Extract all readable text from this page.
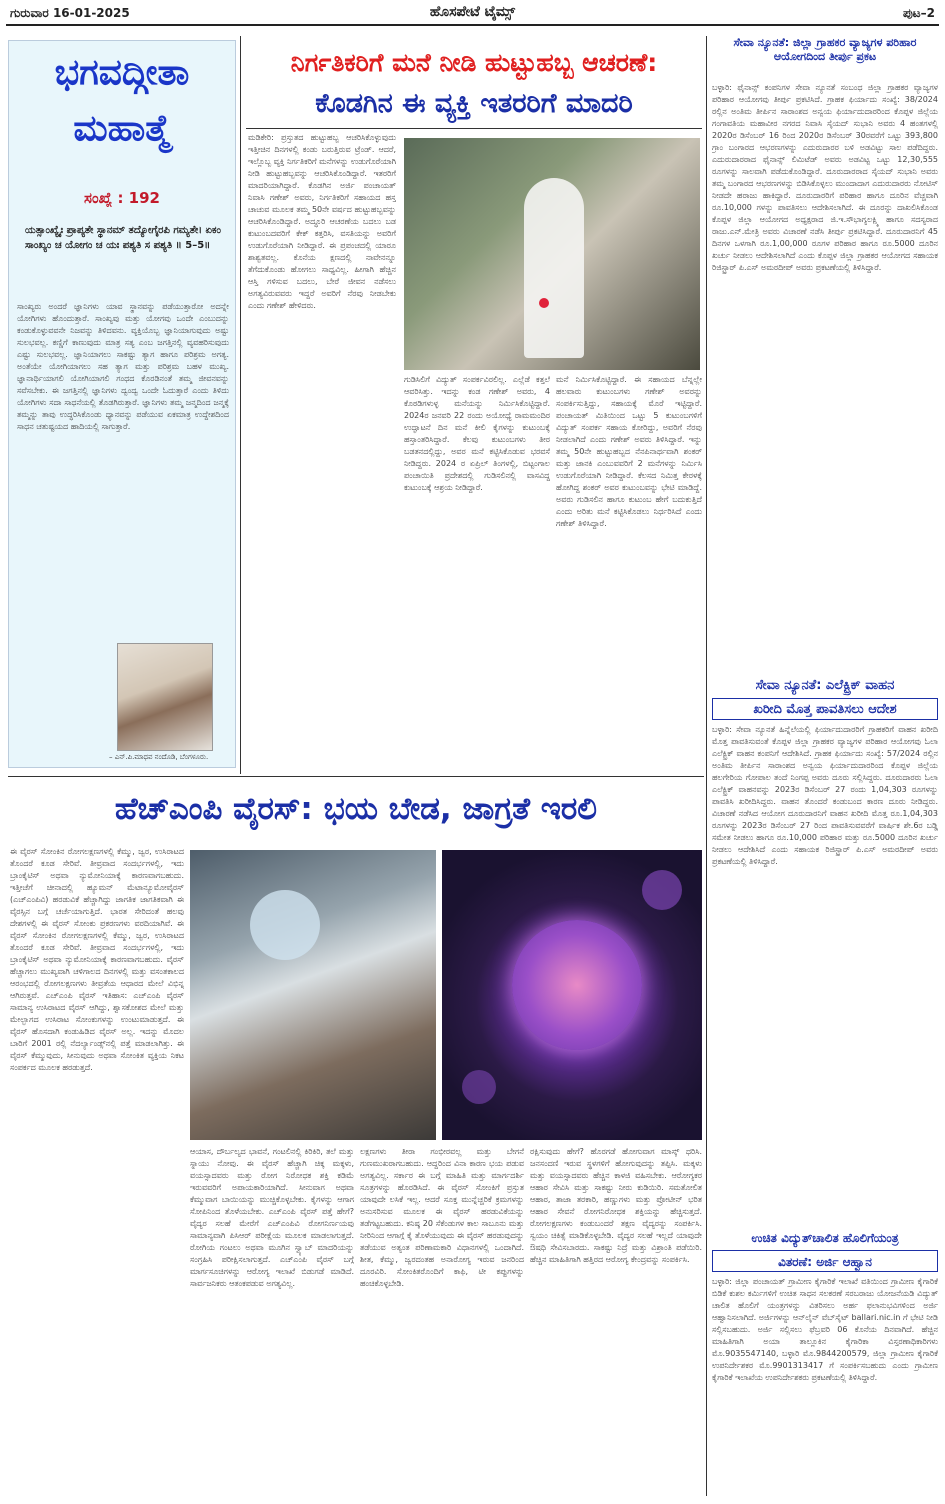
ಗುರುವಾರ 16-01-2025	ಹೊಸಪೇಟೆ ಟೈಮ್ಸ್	ಪುಟ–2
ಭಗವದ್ಗೀತಾ ಮಹಾತ್ಮೆ
ಸಂಖ್ಯೆ : 192
ಯತ್ಸಾಂಖ್ಯೈಃ ಪ್ರಾಪ್ಯತೇ ಸ್ಥಾನಮ್ ತದ್ಯೋಗೈರಪಿ ಗಮ್ಯತೇ। ಏಕಂ ಸಾಂಖ್ಯಂ ಚ ಯೋಗಂ ಚ ಯಃ ಪಶ್ಯತಿ ಸ ಪಶ್ಯತಿ ॥ 5–5॥
ಸಾಂಖ್ಯರು ಅಂದರೆ ಜ್ಞಾನಿಗಳು ಯಾವ ಸ್ಥಾನವನ್ನು ಪಡೆಯುತ್ತಾರೋ ಅದನ್ನೇ ಯೋಗಿಗಳು ಹೊಂದುತ್ತಾರೆ. ಸಾಂಖ್ಯವು ಮತ್ತು ಯೋಗವು ಒಂದೇ ಎಂಬುದನ್ನು ಕಂಡುಕೊಳ್ಳುವವನೇ ನಿಜವನ್ನು ತಿಳಿದವನು. ವ್ಯಕ್ತಿಯೊಬ್ಬ ಜ್ಞಾನಿಯಾಗುವುದು ಅಷ್ಟು ಸುಲಭವಲ್ಲ. ಕಣ್ಣಿಗೆ ಕಾಣುವುದು ಮಾತ್ರ ಸತ್ಯ ಎಂಬ ಜಗತ್ತಿನಲ್ಲಿ ವ್ಯವಹರಿಸುವುದು ಎಷ್ಟು ಸುಲಭವಲ್ಲ. ಜ್ಞಾನಿಯಾಗಲು ಸಾಕಷ್ಟು ತ್ಯಾಗ ಹಾಗೂ ಪರಿಶ್ರಮ ಅಗತ್ಯ. ಅಂತೆಯೇ ಯೋಗಿಯಾಗಲು ಸಹ ತ್ಯಾಗ ಮತ್ತು ಪರಿಶ್ರಮ ಬಹಳ ಮುಖ್ಯ. ಜ್ಞಾನಾರ್ಥಿಯಾಗಲಿ ಯೋಗಿಯಾಗಲಿ ಗಂಧದ ಕೊರಡಿನಂತೆ ತಮ್ಮ ಜೀವನವನ್ನು ಸವೆಸಬೇಕು. ಈ ಜಗತ್ತಿನಲ್ಲಿ ಜ್ಞಾನಿಗಳು ದ್ವಂದ್ವ ಒಂದೇ ಓದುತ್ತಾರೆ ಎಂದು ತಿಳಿದು ಯೋಗಿಗಳು ಸದಾ ಸಾಧನೆಯಲ್ಲಿ ತೊಡಗಿರುತ್ತಾರೆ. ಜ್ಞಾನಿಗಳು ತಮ್ಮ ಜನ್ಮದಿಂದ ಜನ್ಮಕ್ಕೆ ತಮ್ಮನ್ನು ತಾವು ಉದ್ಧರಿಸಿಕೊಂಡು ಧ್ಯಾನವನ್ನು ಪಡೆಯುವ ಏಕಮಾತ್ರ ಉದ್ದೇಶದಿಂದ ಸಾಧನ ಚತುಷ್ಟಯದ ಹಾದಿಯಲ್ಲಿ ಸಾಗುತ್ತಾರೆ.
– ಎನ್.ಪಿ.ಮಾಧವ ನಂದೊಡಿ, ಬೆಂಗಳೂರು.
ನಿರ್ಗತಿಕರಿಗೆ ಮನೆ ನೀಡಿ ಹುಟ್ಟುಹಬ್ಬ ಆಚರಣೆ:
ಕೊಡಗಿನ ಈ ವ್ಯಕ್ತಿ ಇತರರಿಗೆ ಮಾದರಿ
ಮಡಿಕೇರಿ: ಪ್ರಸ್ತುತದ ಹುಟ್ಟುಹಬ್ಬ ಆಚರಿಸಿಕೊಳ್ಳುವುದು ಇತ್ತೀಚಿನ ದಿನಗಳಲ್ಲಿ ಕಂಡು ಬರುತ್ತಿರುವ ಟ್ರೆಂಡ್. ಆದರೆ, ಇಲ್ಲೊಬ್ಬ ವ್ಯಕ್ತಿ ನಿರ್ಗತಿಕರಿಗೆ ಮನೆಗಳನ್ನು ಉಡುಗೊರೆಯಾಗಿ ನೀಡಿ ಹುಟ್ಟುಹಬ್ಬವನ್ನು ಆಚರಿಸಿಕೊಂಡಿದ್ದಾರೆ. ಇತರರಿಗೆ ಮಾದರಿಯಾಗಿದ್ದಾರೆ. ಕೊಡಗಿನ ಅರ್ಜಿ ಪಂಚಾಯತ್ ನಿವಾಸಿ ಗಣೇಶ್ ಅವರು, ನಿರ್ಗತಿಕರಿಗೆ ಸಹಾಯದ ಹಸ್ತ ಚಾಚುವ ಮೂಲಕ ತಮ್ಮ 50ನೇ ವರ್ಷದ ಹುಟ್ಟುಹಬ್ಬವನ್ನು ಆಚರಿಸಿಕೊಂಡಿದ್ದಾರೆ. ಅದ್ಧೂರಿ ಆಚರಣೆಯ ಬದಲು ಬಡ ಕುಟುಂಬದವರಿಗೆ ಕೇಕ್ ಕತ್ತರಿಸಿ, ವಸತಿಯನ್ನು ಅವರಿಗೆ ಉಡುಗೊರೆಯಾಗಿ ನೀಡಿದ್ದಾರೆ. ಈ ಪ್ರಪಂಚದಲ್ಲಿ ಯಾರೂ ಶಾಶ್ವತವಲ್ಲ. ಕೊನೆಯ ಕ್ಷಣದಲ್ಲಿ ನಾವೇನನ್ನೂ ತೆಗೆದುಕೊಂಡು ಹೋಗಲು ಸಾಧ್ಯವಿಲ್ಲ. ಹೀಗಾಗಿ ಹೆಚ್ಚಿನ ಆಸ್ತಿ ಗಳಿಸುವ ಬದಲು, ಬೇರೆ ಜೀವನ ನಡೆಸಲು ಅಗತ್ಯವಿರುವವರು ಇದ್ದರೆ ಅವರಿಗೆ ನೆರವು ನೀಡಬೇಕು ಎಂದು ಗಣೇಶ್ ಹೇಳಿದರು.
ಗುಡಿಸಿಲಿಗೆ ವಿದ್ಯುತ್ ಸಂಪರ್ಕವಿರಲಿಲ್ಲ. ಎಲ್ಲೆಡೆ ಕತ್ತಲೆ ಆವರಿಸಿತ್ತು. ಇದನ್ನು ಕಂಡ ಗಣೇಶ್ ಅವರು, 4 ಕೊಠಡಿಗಳುಳ್ಳ ಮನೆಯನ್ನು ನಿರ್ಮಿಸಿಕೊಟ್ಟಿದ್ದಾರೆ. 2024ರ ಜನವರಿ 22 ರಂದು ಅಯೋಧ್ಯೆ ರಾಮಮಂದಿರ ಉದ್ಘಾಟನೆ ದಿನ ಮನೆ ಕೀಲಿ ಕೈಗಳನ್ನು ಕುಟುಂಬಕ್ಕೆ ಹಸ್ತಾಂತರಿಸಿದ್ದಾರೆ. ಕೆಲವು ಕುಟುಂಬಗಳು ತೀರ ಬಡತನದಲ್ಲಿದ್ದು, ಅವರ ಮನೆ ಕಟ್ಟಿಸಿಕೊಡುವ ಭರವಸೆ ನೀಡಿದ್ದರು. 2024 ರ ಏಪ್ರಿಲ್ ತಿಂಗಳಲ್ಲಿ, ಬಿಟ್ಟಂಗಾಲ ಪಂಚಾಯಿತಿ ಪ್ರದೇಶದಲ್ಲಿ ಗುಡಿಸಲಿನಲ್ಲಿ ವಾಸವಿದ್ದ ಕುಟುಂಬಕ್ಕೆ ಆಶ್ರಯ ನೀಡಿದ್ದಾರೆ.
ಮನೆ ನಿರ್ಮಿಸಿಕೊಟ್ಟಿದ್ದಾರೆ. ಈ ಸಹಾಯದ ಬೆನ್ನಲ್ಲೇ ಹಲವಾರು ಕುಟುಂಬಗಳು ಗಣೇಶ್ ಅವರನ್ನು ಸಂಪರ್ಕಿಸುತ್ತಿದ್ದು, ಸಹಾಯಕ್ಕೆ ಮೊರೆ ಇಟ್ಟಿದ್ದಾರೆ. ಪಂಚಾಯತ್ ಮಿತಿಯಿಂದ ಒಟ್ಟು 5 ಕುಟುಂಬಗಳಿಗೆ ವಿದ್ಯುತ್ ಸಂಪರ್ಕ ಸಹಾಯ ಕೋರಿದ್ದು, ಅವರಿಗೆ ನೆರವು ನೀಡಲಾಗಿದೆ ಎಂದು ಗಣೇಶ್ ಅವರು ತಿಳಿಸಿದ್ದಾರೆ. ಇನ್ನು ತಮ್ಮ 50ನೇ ಹುಟ್ಟುಹಬ್ಬದ ನೆನಪಿನಾರ್ಥವಾಗಿ ಶಂಕರ್ ಮತ್ತು ಜಾನಕಿ ಎಂಬುವವರಿಗೆ 2 ಮನೆಗಳನ್ನು ನಿರ್ಮಿಸಿ ಉಡುಗೊರೆಯಾಗಿ ನೀಡಿದ್ದಾರೆ. ಕೆಲಸದ ನಿಮಿತ್ತ ಕೇರಳಕ್ಕೆ ಹೋಗಿದ್ದ ಶಂಕರ್ ಅವರ ಕುಟುಂಬವನ್ನು ಭೇಟಿ ಮಾಡಿದ್ದೆ. ಅವರು ಗುಡಿಸಲಿನ ಹಾಗೂ ಕುಟುಂಬ ಹೇಗೆ ಬದುಕುತ್ತಿದೆ ಎಂದು ಅರಿತು ಮನೆ ಕಟ್ಟಿಸಿಕೊಡಲು ನಿರ್ಧರಿಸಿದೆ ಎಂದು ಗಣೇಶ್ ತಿಳಿಸಿದ್ದಾರೆ.
ಸೇವಾ ನ್ಯೂನತೆ: ಜಿಲ್ಲಾ ಗ್ರಾಹಕರ ವ್ಯಾಜ್ಯಗಳ ಪರಿಹಾರ ಆಯೋಗದಿಂದ ತೀರ್ಪು ಪ್ರಕಟ
ಬಳ್ಳಾರಿ: ಫೈನಾನ್ಸ್ ಕಂಪನಿಗಳ ಸೇವಾ ನ್ಯೂನತೆ ಸಂಬಂಧ ಜಿಲ್ಲಾ ಗ್ರಾಹಕರ ವ್ಯಾಜ್ಯಗಳ ಪರಿಹಾರ ಆಯೋಗವು ತೀರ್ಪು ಪ್ರಕಟಿಸಿದೆ. ಗ್ರಾಹಕ ಫಿರ್ಯಾದು ಸಂಖ್ಯೆ: 38/2024 ರಲ್ಲಿನ ಅಂತಿಮ ತೀರ್ಪಿನ ಸಾರಾಂಶದ ಅನ್ವಯ ಫಿರ್ಯಾದುದಾರರಿಂದ ಕೊಪ್ಪಳ ಜಿಲ್ಲೆಯ ಗಂಗಾವತಿಯ ಮಹಾವೀರ ನಗರದ ನಿವಾಸಿ ಸೈಯದ್ ಸುಭಾನಿ ಅವರು 4 ಹಂತಗಳಲ್ಲಿ 2020ರ ಡಿಸೆಂಬರ್ 16 ರಿಂದ 2020ರ ಡಿಸೆಂಬರ್ 30ರವರೆಗೆ ಒಟ್ಟು 393,800 ಗ್ರಾಂ ಬಂಗಾರದ ಆಭರಣಗಳನ್ನು ಎದುರುದಾರರ ಬಳಿ ಅಡವಿಟ್ಟು ಸಾಲ ಪಡೆದಿದ್ದರು. ಎದುರುದಾರರಾದ ಫೈನಾನ್ಸ್ ಲಿಮಿಟೆಡ್ ಅವರು ಅಡವಿಟ್ಟ ಒಟ್ಟು 12,30,555 ರೂಗಳನ್ನು ಸಾಲವಾಗಿ ಪಡೆದುಕೊಂಡಿದ್ದಾರೆ. ದೂರುದಾರರಾದ ಸೈಯದ್ ಸುಭಾನಿ ಅವರು ತಮ್ಮ ಬಂಗಾರದ ಆಭರಣಗಳನ್ನು ಬಿಡಿಸಿಕೊಳ್ಳಲು ಮುಂದಾದಾಗ ಎದುರುದಾರರು ನೋಟಿಸ್ ನೀಡದೇ ಹರಾಜು ಹಾಕಿದ್ದಾರೆ. ದೂರುದಾರರಿಗೆ ಪರಿಹಾರ ಹಾಗೂ ದೂರಿನ ವೆಚ್ಚವಾಗಿ ರೂ.10,000 ಗಳನ್ನು ಪಾವತಿಸಲು ಆದೇಶಿಸಲಾಗಿದೆ. ಈ ದೂರನ್ನು ದಾಖಲಿಸಿಕೊಂಡ ಕೊಪ್ಪಳ ಜಿಲ್ಲಾ ಆಯೋಗದ ಅಧ್ಯಕ್ಷರಾದ ಜಿ.ಇ.ಸೌಭಾಗ್ಯಲಕ್ಷ್ಮಿ ಹಾಗೂ ಸದಸ್ಯರಾದ ರಾಜು.ಎನ್.ಮೇತ್ರಿ ಅವರು ವಿಚಾರಣೆ ನಡೆಸಿ ತೀರ್ಪು ಪ್ರಕಟಿಸಿದ್ದಾರೆ. ದೂರುದಾರನಿಗೆ 45 ದಿನಗಳ ಒಳಗಾಗಿ ರೂ.1,00,000 ರೂಗಳ ಪರಿಹಾರ ಹಾಗೂ ರೂ.5000 ದೂರಿನ ಖರ್ಚು ನೀಡಲು ಆದೇಶಿಸಲಾಗಿದೆ ಎಂದು ಕೊಪ್ಪಳ ಜಿಲ್ಲಾ ಗ್ರಾಹಕರ ಆಯೋಗದ ಸಹಾಯಕ ರಿಜಿಸ್ಟ್ರಾರ್ ಪಿ.ಎಸ್ ಅಮರದೀಪ್ ಅವರು ಪ್ರಕಟಣೆಯಲ್ಲಿ ತಿಳಿಸಿದ್ದಾರೆ.
ಸೇವಾ ನ್ಯೂನತೆ: ಎಲೆಕ್ಟ್ರಿಕ್ ವಾಹನ
ಖರೀದಿ ಮೊತ್ತ ಪಾವತಿಸಲು ಆದೇಶ
ಬಳ್ಳಾರಿ: ಸೇವಾ ನ್ಯೂನತೆ ಹಿನ್ನೆಲೆಯಲ್ಲಿ ಫಿರ್ಯಾದುದಾರರಿಗೆ ಗ್ರಾಹಕರಿಗೆ ವಾಹನ ಖರೀದಿ ಮೊತ್ತ ಪಾವತಿಸುವಂತೆ ಕೊಪ್ಪಳ ಜಿಲ್ಲಾ ಗ್ರಾಹಕರ ವ್ಯಾಜ್ಯಗಳ ಪರಿಹಾರ ಆಯೋಗವು ಓಲಾ ಎಲೆಕ್ಟ್ರಿಕ್ ವಾಹನ ಕಂಪನಿಗೆ ಆದೇಶಿಸಿದೆ. ಗ್ರಾಹಕ ಫಿರ್ಯಾದು ಸಂಖ್ಯೆ: 57/2024 ರಲ್ಲಿನ ಅಂತಿಮ ತೀರ್ಪಿನ ಸಾರಾಂಶದ ಅನ್ವಯ ಫಿರ್ಯಾದುದಾರರಿಂದ ಕೊಪ್ಪಳ ಜಿಲ್ಲೆಯ ಹಲಗೇರಿಯ ಗೋಪಾಲ ತಂದೆ ನಿಂಗಪ್ಪ ಅವರು ದೂರು ಸಲ್ಲಿಸಿದ್ದರು. ದೂರುದಾರರು ಓಲಾ ಎಲೆಕ್ಟ್ರಿಕ್ ವಾಹನವನ್ನು 2023ರ ಡಿಸೆಂಬರ್ 27 ರಂದು 1,04,303 ರೂಗಳನ್ನು ಪಾವತಿಸಿ ಖರೀದಿಸಿದ್ದರು. ವಾಹನ ತೊಂದರೆ ಕಂಡುಬಂದ ಕಾರಣ ದೂರು ನೀಡಿದ್ದರು. ವಿಚಾರಣೆ ನಡೆಸಿದ ಆಯೋಗ ದೂರುದಾರನಿಗೆ ವಾಹನ ಖರೀದಿ ಮೊತ್ತ ರೂ.1,04,303 ರೂಗಳನ್ನು 2023ರ ಡಿಸೆಂಬರ್ 27 ರಿಂದ ಪಾವತಿಸುವವರೆಗೆ ವಾರ್ಷಿಕ ಶೇ.6ರ ಬಡ್ಡಿ ಸಮೇತ ನೀಡಲು ಹಾಗೂ ರೂ.10,000 ಪರಿಹಾರ ಮತ್ತು ರೂ.5000 ದೂರಿನ ಖರ್ಚು ನೀಡಲು ಆದೇಶಿಸಿದೆ ಎಂದು ಸಹಾಯಕ ರಿಜಿಸ್ಟ್ರಾರ್ ಪಿ.ಎಸ್ ಅಮರದೀಪ್ ಅವರು ಪ್ರಕಟಣೆಯಲ್ಲಿ ತಿಳಿಸಿದ್ದಾರೆ.
ಉಚಿತ ವಿದ್ಯುತ್‌ಚಾಲಿತ ಹೊಲಿಗೆಯಂತ್ರ
ವಿತರಣೆ: ಅರ್ಜಿ ಆಹ್ವಾನ
ಬಳ್ಳಾರಿ: ಜಿಲ್ಲಾ ಪಂಚಾಯತ್ ಗ್ರಾಮೀಣ ಕೈಗಾರಿಕೆ ಇಲಾಖೆ ವತಿಯಿಂದ ಗ್ರಾಮೀಣ ಕೈಗಾರಿಕೆ ಬಿಡಿಕೆ ಕುಶಲ ಕರ್ಮಿಗಳಿಗೆ ಉಚಿತ ಸಾಧನ ಸಲಕರಣೆ ಸರಬರಾಜು ಯೋಜನೆಯಡಿ ವಿದ್ಯುತ್ ಚಾಲಿತ ಹೊಲಿಗೆ ಯಂತ್ರಗಳನ್ನು ವಿತರಿಸಲು ಅರ್ಹ ಫಲಾನುಭವಿಗಳಿಂದ ಅರ್ಜಿ ಆಹ್ವಾನಿಸಲಾಗಿದೆ. ಅರ್ಜಿಗಳನ್ನು ಆನ್‌ಲೈನ್ ವೆಬ್‌ಸೈಟ್ ballari.nic.in ಗೆ ಭೇಟಿ ನೀಡಿ ಸಲ್ಲಿಸಬಹುದು. ಅರ್ಜಿ ಸಲ್ಲಿಸಲು ಫೆಬ್ರವರಿ 06 ಕೊನೆಯ ದಿನವಾಗಿದೆ. ಹೆಚ್ಚಿನ ಮಾಹಿತಿಗಾಗಿ ಅಯಾ ತಾಲ್ಲೂಕಿನ ಕೈಗಾರಿಕಾ ವಿಸ್ತರಣಾಧಿಕಾರಿಗಳು ಮೊ.9035547140, ಬಳ್ಳಾರಿ ಮೊ.9844200579, ಜಿಲ್ಲಾ ಗ್ರಾಮೀಣ ಕೈಗಾರಿಕೆ ಉಪನಿರ್ದೇಶಕರ ಮೊ.9901313417 ಗೆ ಸಂಪರ್ಕಿಸಬಹುದು ಎಂದು ಗ್ರಾಮೀಣ ಕೈಗಾರಿಕೆ ಇಲಾಖೆಯ ಉಪನಿರ್ದೇಶಕರು ಪ್ರಕಟಣೆಯಲ್ಲಿ ತಿಳಿಸಿದ್ದಾರೆ.
ಹೆಚ್‌ಎಂಪಿ ವೈರಸ್: ಭಯ ಬೇಡ, ಜಾಗ್ರತೆ ಇರಲಿ
ಈ ವೈರಸ್ ಸೋಂಕಿನ ರೋಗಲಕ್ಷಣಗಳಲ್ಲಿ ಕೆಮ್ಮು, ಜ್ವರ, ಉಸಿರಾಟದ ತೊಂದರೆ ಕೂಡ ಸೇರಿವೆ. ತೀವ್ರವಾದ ಸಂದರ್ಭಗಳಲ್ಲಿ, ಇದು ಬ್ರಾಂಕೈಟಿಸ್ ಅಥವಾ ನ್ಯುಮೋನಿಯಾಕ್ಕೆ ಕಾರಣವಾಗಬಹುದು. ಇತ್ತೀಚೆಗೆ ಚೀನಾದಲ್ಲಿ ಹ್ಯೂಮನ್ ಮೆಟಾನ್ಯೂಮೋವೈರಸ್ (ಎಚ್‌ಎಂಪಿವಿ) ಹರಡುವಿಕೆ ಹೆಚ್ಚಾಗಿದ್ದು ಜಾಗತಿಕ ಜಾಗತಿಕವಾಗಿ ಈ ವೈರಸ್ಸಿನ ಬಗ್ಗೆ ಚರ್ಚೆಯಾಗುತ್ತಿದೆ. ಭಾರತ ಸೇರಿದಂತೆ ಹಲವು ದೇಶಗಳಲ್ಲಿ ಈ ವೈರಸ್ ಸೋಂಕು ಪ್ರಕರಣಗಳು ವರದಿಯಾಗಿವೆ. ಈ ವೈರಸ್ ಸೋಂಕಿನ ರೋಗಲಕ್ಷಣಗಳಲ್ಲಿ ಕೆಮ್ಮು, ಜ್ವರ, ಉಸಿರಾಟದ ತೊಂದರೆ ಕೂಡ ಸೇರಿವೆ. ತೀವ್ರವಾದ ಸಂದರ್ಭಗಳಲ್ಲಿ, ಇದು ಬ್ರಾಂಕೈಟಿಸ್ ಅಥವಾ ನ್ಯುಮೋನಿಯಾಕ್ಕೆ ಕಾರಣವಾಗಬಹುದು. ವೈರಸ್ ಹೆಚ್ಚಾಗಲು ಮುಖ್ಯವಾಗಿ ಚಳಿಗಾಲದ ದಿನಗಳಲ್ಲಿ ಮತ್ತು ವಸಂತಕಾಲದ ಆರಂಭದಲ್ಲಿ ರೋಗಲಕ್ಷಣಗಳು ತೀವ್ರತೆಯ ಆಧಾರದ ಮೇಲೆ ವಿಭಿನ್ನ ಆಗಿರುತ್ತವೆ. ಎಚ್‌ಎಂಪಿ ವೈರಸ್ ಇತಿಹಾಸ: ಎಚ್‌ಎಂಪಿ ವೈರಸ್ ಸಾಮಾನ್ಯ ಉಸಿರಾಟದ ವೈರಸ್ ಆಗಿದ್ದು, ಶ್ವಾಸಕೋಶದ ಮೇಲೆ ಮತ್ತು ಮೇಲ್ಭಾಗದ ಉಸಿರಾಟ ಸೋಂಕುಗಳನ್ನು ಉಂಟುಮಾಡುತ್ತದೆ. ಈ ವೈರಸ್ ಹೊಸದಾಗಿ ಕಂಡುಹಿಡಿದ ವೈರಸ್ ಅಲ್ಲ. ಇದನ್ನು ಮೊದಲ ಬಾರಿಗೆ 2001 ರಲ್ಲಿ ನೆದರ್ಲ್ಯಾಂಡ್ಸ್‌ನಲ್ಲಿ ಪತ್ತೆ ಮಾಡಲಾಗಿತ್ತು. ಈ ವೈರಸ್ ಕೆಮ್ಮುವುದು, ಸೀನುವುದು ಅಥವಾ ಸೋಂಕಿತ ವ್ಯಕ್ತಿಯ ನಿಕಟ ಸಂಪರ್ಕದ ಮೂಲಕ ಹರಡುತ್ತದೆ.
ಆಯಾಸ, ದೌರ್ಬಲ್ಯದ ಭಾವನೆ, ಗಂಟಲಿನಲ್ಲಿ ಕಿರಿಕಿರಿ, ತಲೆ ಮತ್ತು ಸ್ನಾಯು ನೋವು. ಈ ವೈರಸ್ ಹೆಚ್ಚಾಗಿ ಚಿಕ್ಕ ಮಕ್ಕಳು, ವಯಸ್ಸಾದವರು ಮತ್ತು ರೋಗ ನಿರೋಧಕ ಶಕ್ತಿ ಕಡಿಮೆ ಇರುವವರಿಗೆ ಅಪಾಯಕಾರಿಯಾಗಿದೆ. ಸೀನುವಾಗ ಅಥವಾ ಕೆಮ್ಮುವಾಗ ಬಾಯಿಯನ್ನು ಮುಚ್ಚಿಕೊಳ್ಳಬೇಕು. ಕೈಗಳನ್ನು ಆಗಾಗ ಸೋಪಿನಿಂದ ತೊಳೆಯಬೇಕು. ಎಚ್‌ಎಂಪಿ ವೈರಸ್ ಪತ್ತೆ ಹೇಗೆ? ವೈದ್ಯರ ಸಲಹೆ ಮೇರೆಗೆ ಎಚ್‌ಎಂಪಿವಿ ರೋಗನಿರ್ಣಯವು ಸಾಮಾನ್ಯವಾಗಿ ಪಿಸಿಆರ್ ಪರೀಕ್ಷೆಯ ಮೂಲಕ ಮಾಡಲಾಗುತ್ತದೆ. ರೋಗಿಯ ಗಂಟಲು ಅಥವಾ ಮೂಗಿನ ಸ್ವ್ಯಾಬ್ ಮಾದರಿಯನ್ನು ಸಂಗ್ರಹಿಸಿ ಪರೀಕ್ಷಿಸಲಾಗುತ್ತದೆ. ಎಚ್‌ಎಂಪಿ ವೈರಸ್ ಬಗ್ಗೆ ಮಾರ್ಗಸೂಚಿಗಳನ್ನು ಆರೋಗ್ಯ ಇಲಾಖೆ ಬಿಡುಗಡೆ ಮಾಡಿದೆ. ಸಾರ್ವಜನಿಕರು ಆತಂಕಪಡುವ ಅಗತ್ಯವಿಲ್ಲ.
ಲಕ್ಷಣಗಳು ತೀರಾ ಗಂಭೀರವಲ್ಲ ಮತ್ತು ಬೇಗನೆ ಗುಣಮುಖರಾಗಬಹುದು. ಆದ್ದರಿಂದ ವಿನಾ ಕಾರಣ ಭಯ ಪಡುವ ಅಗತ್ಯವಿಲ್ಲ. ಸರ್ಕಾರ ಈ ಬಗ್ಗೆ ಮಾಹಿತಿ ಮತ್ತು ಮಾರ್ಗದರ್ಶಿ ಸೂತ್ರಗಳನ್ನು ಹೊರಡಿಸಿದೆ. ಈ ವೈರಸ್ ಸೋಂಕಿಗೆ ಪ್ರಸ್ತುತ ಯಾವುದೇ ಲಸಿಕೆ ಇಲ್ಲ. ಆದರೆ ಸೂಕ್ತ ಮುನ್ನೆಚ್ಚರಿಕೆ ಕ್ರಮಗಳನ್ನು ಅನುಸರಿಸುವ ಮೂಲಕ ಈ ವೈರಸ್ ಹರಡುವಿಕೆಯನ್ನು ತಡೆಗಟ್ಟಬಹುದು. ಕನಿಷ್ಠ 20 ಸೆಕೆಂಡುಗಳ ಕಾಲ ಸಾಬೂನು ಮತ್ತು ನೀರಿನಿಂದ ಆಗಾಗ್ಗೆ ಕೈ ತೊಳೆಯುವುದು ಈ ವೈರಸ್ ಹರಡುವುದನ್ನು ತಡೆಯುವ ಅತ್ಯಂತ ಪರಿಣಾಮಕಾರಿ ವಿಧಾನಗಳಲ್ಲಿ ಒಂದಾಗಿದೆ. ಶೀತ, ಕೆಮ್ಮು, ಜ್ವರದಂತಹ ಅನಾರೋಗ್ಯ ಇರುವ ಜನರಿಂದ ದೂರವಿರಿ. ಸೋಂಕಿತರೊಂದಿಗೆ ಕಾಫಿ, ಟೀ ಕಪ್ಪುಗಳನ್ನು ಹಂಚಿಕೊಳ್ಳಬೇಡಿ.
ರಕ್ಷಿಸುವುದು ಹೇಗೆ? ಹೊರಗಡೆ ಹೋಗುವಾಗ ಮಾಸ್ಕ್ ಧರಿಸಿ. ಜನಸಂದಣಿ ಇರುವ ಸ್ಥಳಗಳಿಗೆ ಹೋಗುವುದನ್ನು ತಪ್ಪಿಸಿ. ಮಕ್ಕಳು ಮತ್ತು ವಯಸ್ಸಾದವರು ಹೆಚ್ಚಿನ ಕಾಳಜಿ ವಹಿಸಬೇಕು. ಆರೋಗ್ಯಕರ ಆಹಾರ ಸೇವಿಸಿ ಮತ್ತು ಸಾಕಷ್ಟು ನೀರು ಕುಡಿಯಿರಿ. ಸಮತೋಲಿತ ಆಹಾರ, ತಾಜಾ ತರಕಾರಿ, ಹಣ್ಣುಗಳು ಮತ್ತು ಪ್ರೋಟೀನ್ ಭರಿತ ಆಹಾರ ಸೇವನೆ ರೋಗನಿರೋಧಕ ಶಕ್ತಿಯನ್ನು ಹೆಚ್ಚಿಸುತ್ತದೆ. ರೋಗಲಕ್ಷಣಗಳು ಕಂಡುಬಂದರೆ ತಕ್ಷಣ ವೈದ್ಯರನ್ನು ಸಂಪರ್ಕಿಸಿ. ಸ್ವಯಂ ಚಿಕಿತ್ಸೆ ಮಾಡಿಕೊಳ್ಳಬೇಡಿ. ವೈದ್ಯರ ಸಲಹೆ ಇಲ್ಲದೆ ಯಾವುದೇ ಔಷಧಿ ಸೇವಿಸಬಾರದು. ಸಾಕಷ್ಟು ನಿದ್ರೆ ಮತ್ತು ವಿಶ್ರಾಂತಿ ಪಡೆಯಿರಿ. ಹೆಚ್ಚಿನ ಮಾಹಿತಿಗಾಗಿ ಹತ್ತಿರದ ಆರೋಗ್ಯ ಕೇಂದ್ರವನ್ನು ಸಂಪರ್ಕಿಸಿ.
